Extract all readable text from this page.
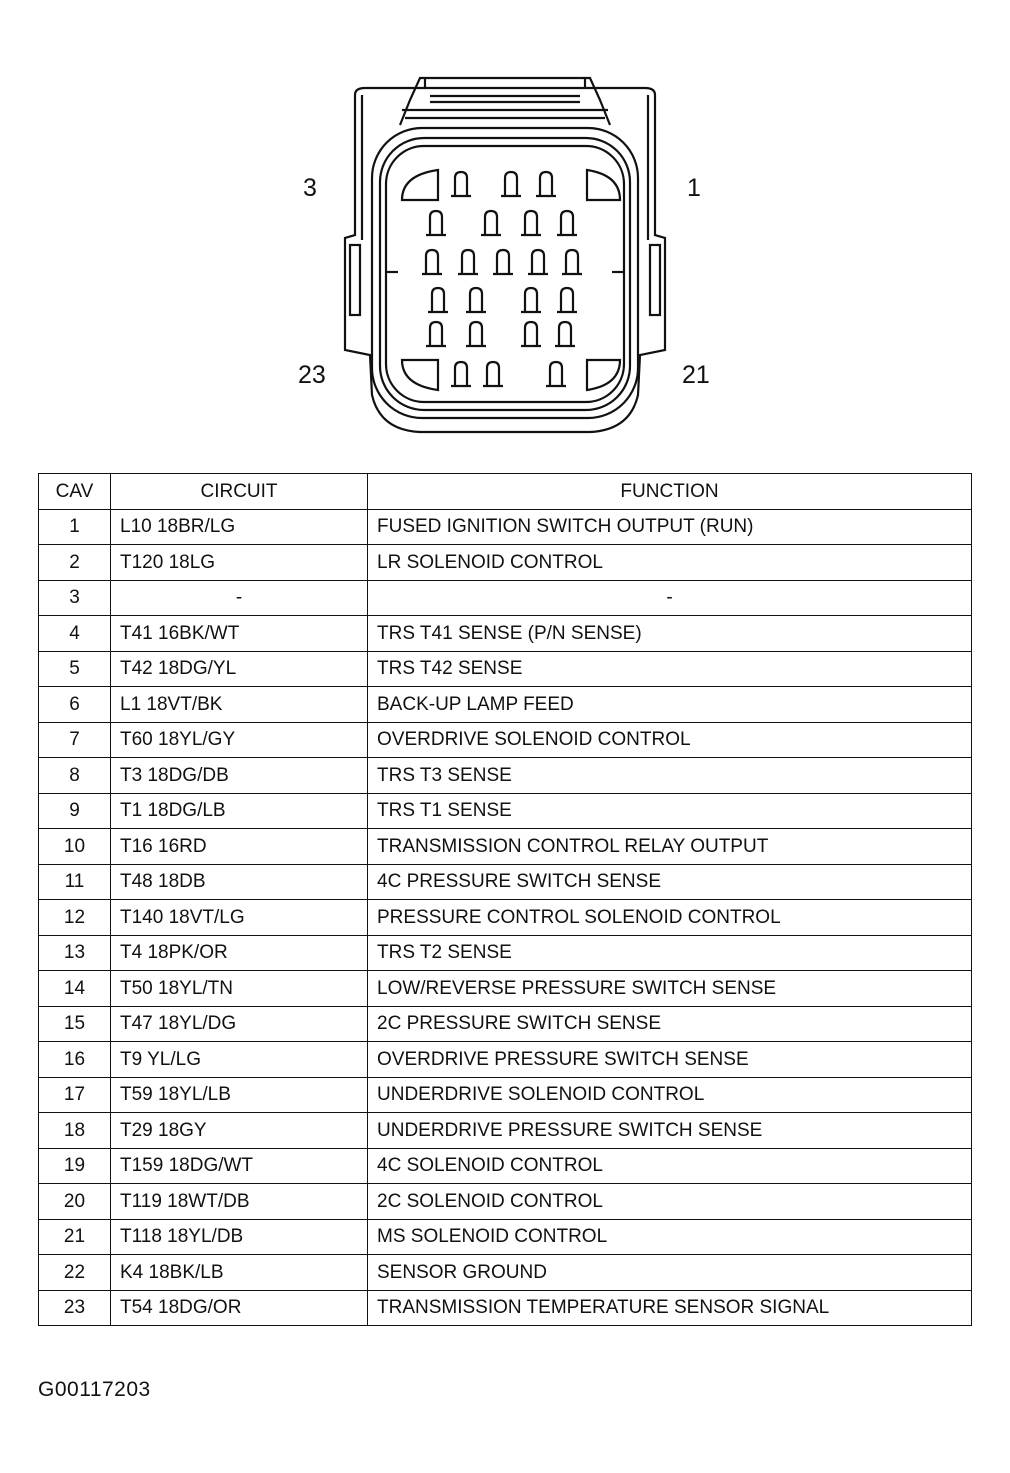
3	1
23	21
CAV	CIRCUIT	FUNCTION
1	L10 18BR/LG	FUSED IGNITION SWITCH OUTPUT (RUN)
2	T120 18LG	LR SOLENOID CONTROL
3	-	-
4	T41 16BK/WT	TRS T41 SENSE (P/N SENSE)
5	T42 18DG/YL	TRS T42 SENSE
6	L1 18VT/BK	BACK-UP LAMP FEED
7	T60 18YL/GY	OVERDRIVE SOLENOID CONTROL
8	T3 18DG/DB	TRS T3 SENSE
9	T1 18DG/LB	TRS T1 SENSE
10	T16 16RD	TRANSMISSION CONTROL RELAY OUTPUT
11	T48 18DB	4C PRESSURE SWITCH SENSE
12	T140 18VT/LG	PRESSURE CONTROL SOLENOID CONTROL
13	T4 18PK/OR	TRS T2 SENSE
14	T50 18YL/TN	LOW/REVERSE PRESSURE SWITCH SENSE
15	T47 18YL/DG	2C PRESSURE SWITCH SENSE
16	T9 YL/LG	OVERDRIVE PRESSURE SWITCH SENSE
17	T59 18YL/LB	UNDERDRIVE SOLENOID CONTROL
18	T29 18GY	UNDERDRIVE PRESSURE SWITCH SENSE
19	T159 18DG/WT	4C SOLENOID CONTROL
20	T119 18WT/DB	2C SOLENOID CONTROL
21	T118 18YL/DB	MS SOLENOID CONTROL
22	K4 18BK/LB	SENSOR GROUND
23	T54 18DG/OR	TRANSMISSION TEMPERATURE SENSOR SIGNAL
G00117203
